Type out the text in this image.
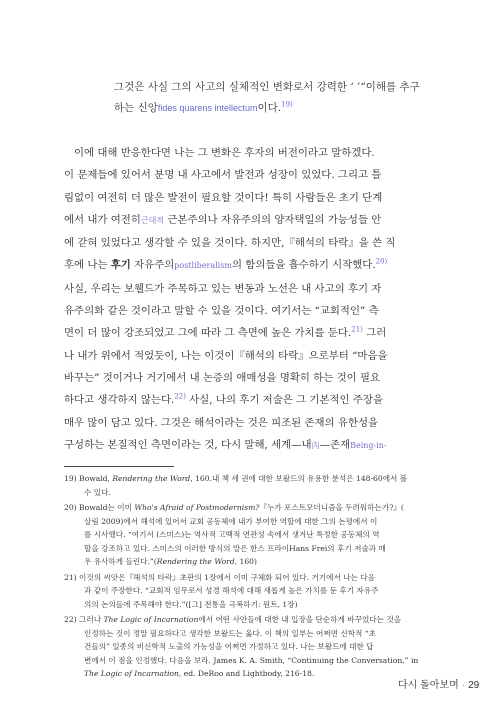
그것은 사실 그의 사고의 실체적인 변화로서 강력한 ‘ ’“이해를 추구

하는 신앙fides quarens intellectum이다.$^{19)}$

이에 대해 반응한다면 나는 그 변화은 후자의 버전이라고 말하겠다.
이 문제들에 있어서 분명 내 사고에서 발전과 성장이 있었다. 그리고 틀
림없이 여전히 더 많은 발전이 필요할 것이다! 특히 사람들은 초기 단계
에서 내가 여전히근대적 근본주의나 자유주의의 양자택일의 가능성들 안
에 갇혀 있었다고 생각할 수 있을 것이다. 하지만,『해석의 타락』을 쓴 직
후에 나는 후기 자유주의postliberalism의 함의들을 흡수하기 시작했다.$^{20)}$
사실, 우리는 보웰드가 주목하고 있는 변동과 노선은 내 사고의 후기 자
유주의화 같은 것이라고 말할 수 있을 것이다. 여기서는 “교회적인” 측
면이 더 많이 강조되었고 그에 따라 그 측면에 높은 가치를 둔다.$^{21)}$ 그러
나 내가 위에서 적었듯이, 나는 이것이『해석의 타락』으로부터 “마음을
바꾸는” 것이거나 거기에서 내 논증의 애매성을 명확히 하는 것이 필요
하다고 생각하지 않는다.$^{22)}$ 사실, 나의 후기 저술은 그 기본적인 주장을
매우 많이 담고 있다. 그것은 해석이라는 것은 피조된 존재의 유한성을
구성하는 본질적인 측면이라는 것, 다시 말해, 세계—내內—존재Being-in-
19) Bowald, Rendering the Word, 160.내 책 세 권에 대한 보왈드의 유용한 분석은 148-60에서 볼
수 있다.
20) Bowald는 이미 Who's Afraid of Postmodernism?『누가 포스트모더니즘을 두려워하는가?』(
살림 2009)에서 해석에 있어서 교회 공동체에 내가 부여한 역할에 대한 그의 논평에서 이
를 시사했다. “여기서 (스미스)는 역사적 고백적 연관성 속에서 생겨난 특정한 공동체의 역
할을 강조하고 있다. 스미스의 이러한 방식의 말은 한스 프라이Hans Frei의 후기 저술과 매
우 유사하게 들린다.”(Rendering the Word, 160)
21) 이것의 씨앗은『해석의 타락』초판의 1장에서 이미 구체화 되어 있다. 거기에서 나는 다음
과 같이 주장한다. “교회적 임무로서 성경 해석에 대해 새롭게 높은 가치를 둔 후기 자유주
의의 논의들에 주목해야 한다.”([그] 전통을 극복하기: 원트, 1장)
22) 그러나 The Logic of Incarnation에서 어떤 사안들에 대한 내 입장을 단순하게 바꾸었다는 것을
인정하는 것이 정말 필요하다고 생각한 보왈드는 옳다. 이 책의 일부는 어쩌면 신학적 “초
건들의” 일종의 비신학적 노출의 가능성을 어쩌면 가정하고 있다. 나는 보왈드에 대한 답
변에서 이 점을 인정했다. 다음을 보라. James K. A. Smith, “Continuing the Conversation,” in
The Logic of Incarnation, ed. DeRoo and Lightbody, 216-18.
다시 돌아보며 · 29
